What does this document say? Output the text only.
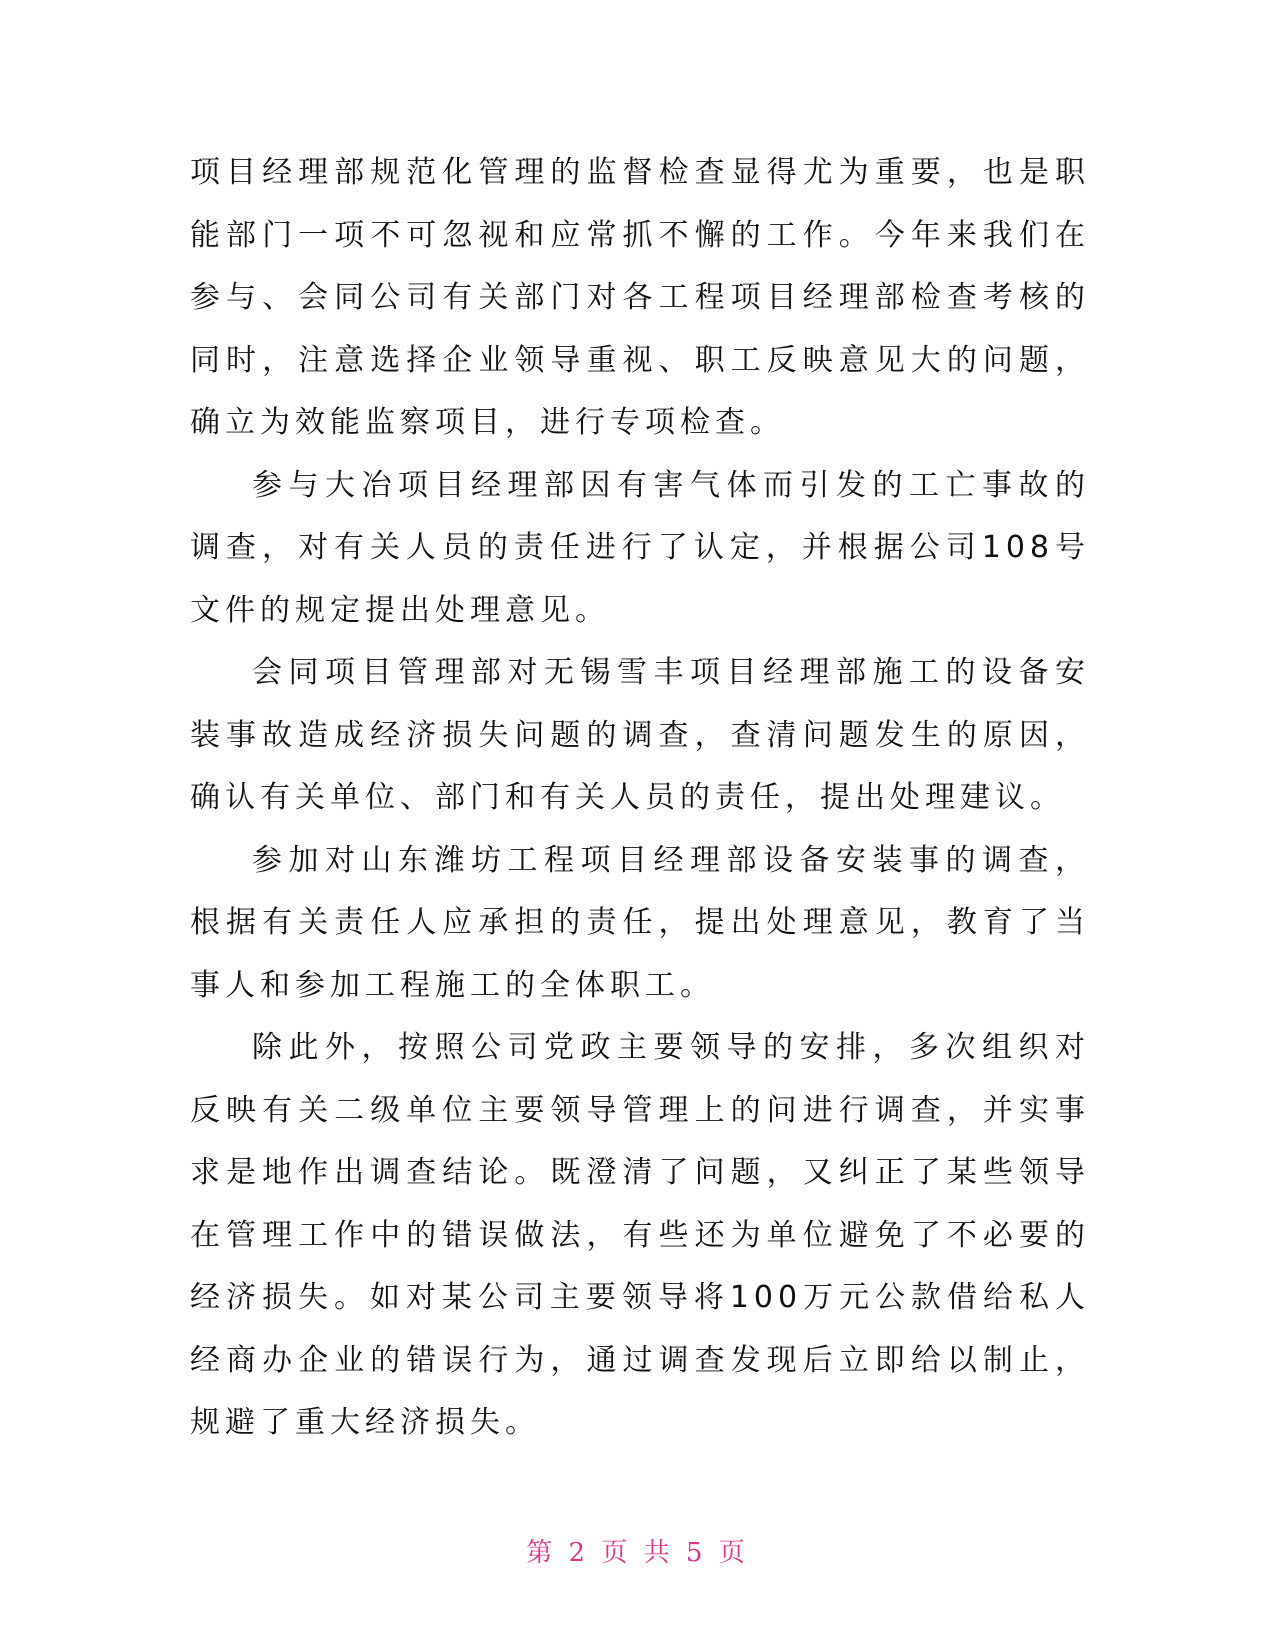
项目经理部规范化管理的监督检查显得尤为重要，也是职能部门一项不可忽视和应常抓不懈的工作。今年来我们在参与、会同公司有关部门对各工程项目经理部检查考核的同时，注意选择企业领导重视、职工反映意见大的问题，确立为效能监察项目，进行专项检查。

参与大冶项目经理部因有害气体而引发的工亡事故的调查，对有关人员的责任进行了认定，并根据公司108号文件的规定提出处理意见。

会同项目管理部对无锡雪丰项目经理部施工的设备安装事故造成经济损失问题的调查，查清问题发生的原因，确认有关单位、部门和有关人员的责任，提出处理建议。

参加对山东潍坊工程项目经理部设备安装事的调查，根据有关责任人应承担的责任，提出处理意见，教育了当事人和参加工程施工的全体职工。

除此外，按照公司党政主要领导的安排，多次组织对反映有关二级单位主要领导管理上的问进行调查，并实事求是地作出调查结论。既澄清了问题，又纠正了某些领导在管理工作中的错误做法，有些还为单位避免了不必要的经济损失。如对某公司主要领导将100万元公款借给私人经商办企业的错误行为，通过调查发现后立即给以制止，规避了重大经济损失。

第 2 页 共 5 页
